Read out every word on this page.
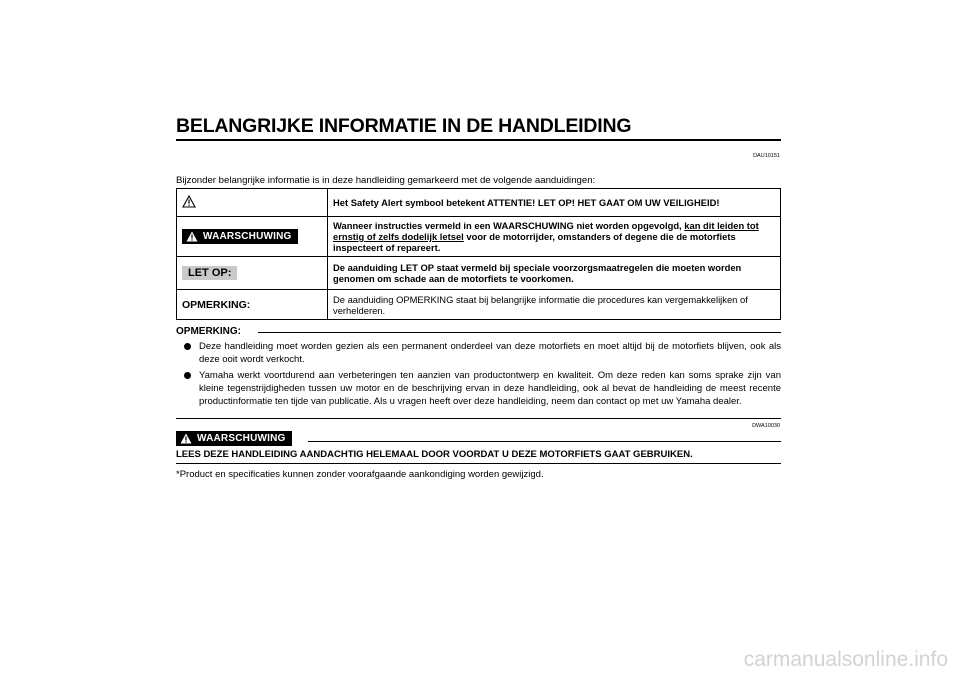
BELANGRIJKE INFORMATIE IN DE HANDLEIDING
DAU10151
Bijzonder belangrijke informatie is in deze handleiding gemarkeerd met de volgende aanduidingen:
	Het Safety Alert symbool betekent ATTENTIE! LET OP! HET GAAT OM UW VEILIGHEID!

WAARSCHUWING	Wanneer instructies vermeld in een WAARSCHUWING niet worden opgevolgd, kan dit leiden tot ernstig of zelfs dodelijk letsel voor de motorrijder, omstanders of degene die de motorfiets inspecteert of repareert.
LET OP:	De aanduiding LET OP staat vermeld bij speciale voorzorgsmaatregelen die moeten worden genomen om schade aan de motorfiets te voorkomen.
OPMERKING:	De aanduiding OPMERKING staat bij belangrijke informatie die procedures kan vergemakkelijken of verhelderen.
OPMERKING:
Deze handleiding moet worden gezien als een permanent onderdeel van deze motorfiets en moet altijd bij de motorfiets blijven, ook als deze ooit wordt verkocht.
Yamaha werkt voortdurend aan verbeteringen ten aanzien van productontwerp en kwaliteit. Om deze reden kan soms sprake zijn van kleine tegenstrijdigheden tussen uw motor en de beschrijving ervan in deze handleiding, ook al bevat de handleiding de meest recente productinformatie ten tijde van publicatie. Als u vragen heeft over deze handleiding, neem dan contact op met uw Yamaha dealer.
DWA10030
WAARSCHUWING
LEES DEZE HANDLEIDING AANDACHTIG HELEMAAL DOOR VOORDAT U DEZE MOTORFIETS GAAT GEBRUIKEN.
*Product en specificaties kunnen zonder voorafgaande aankondiging worden gewijzigd.
carmanualsonline.info
